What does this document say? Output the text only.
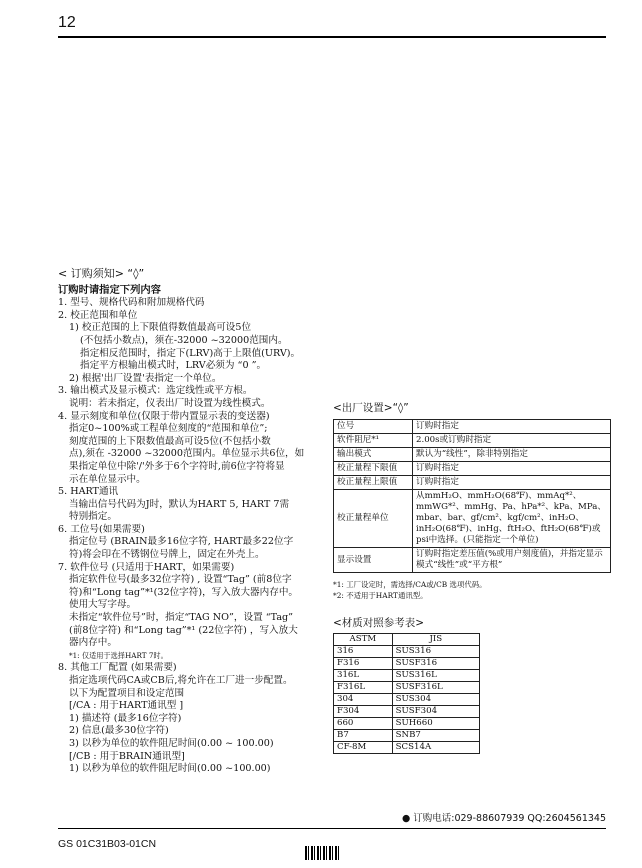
12
< 订购须知> “◊”
订购时请指定下列内容
1. 型号、规格代码和附加规格代码
2. 校正范围和单位
1) 校正范围的上下限值得数值最高可设5位
(不包括小数点)，须在-32000 ~32000范围内。
指定相反范围时，指定下(LRV)高于上限值(URV)。
指定平方根输出模式时，LRV必须为 “0 ”。
2) 根据'出厂设置'表指定一个单位。
3. 输出模式及显示模式：选定线性或平方根。
说明：若未指定，仪表出厂时设置为线性模式。
4. 显示刻度和单位(仅限于带内置显示表的变送器)
指定0~100%或工程单位刻度的“范围和单位”;
刻度范围的上下限数值最高可设5位(不包括小数
点),须在 -32000 ~32000范围内。单位显示共6位，如
果指定单位中除'/'外多于6个字符时,前6位字符将显
示在单位显示中。
5. HART通讯
当输出信号代码为J时，默认为HART 5, HART 7需
特别指定。
6. 工位号(如果需要)
指定位号 (BRAIN最多16位字符, HART最多22位字
符)将会印在不锈钢位号牌上，固定在外壳上。
7. 软件位号 (只适用于HART，如果需要)
指定软件位号(最多32位字符) , 设置“Tag” (前8位字
符)和“Long tag”*¹(32位字符)，写入放大器内存中。
使用大写字母。
未指定“软件位号”时，指定“TAG NO”，设置 “Tag”
(前8位字符) 和“Long tag”*¹ (22位字符) ，写入放大
器内存中。
*1: 仅适用于选择HART 7时。
8. 其他工厂配置 (如果需要)
指定选项代码CA或CB后,将允许在工厂进一步配置。
以下为配置项目和设定范围
[/CA : 用于HART通讯型 ]
1) 描述符 (最多16位字符)
2) 信息(最多30位字符)
3) 以秒为单位的软件阻尼时间(0.00 ~ 100.00)
[/CB : 用于BRAIN通讯型]
1) 以秒为单位的软件阻尼时间(0.00 ~100.00)
<出厂设置>“◊”
位号	订购时指定
软件阻尼*¹	2.00s或订购时指定
输出模式	默认为“线性”，除非特别指定
校正量程下限值	订购时指定
校正量程上限值	订购时指定
校正量程单位	从mmH₂O、mmH₂O(68℉)、mmAq*²、mmWG*²、mmHg、Pa、hPa*²、kPa、MPa、mbar、bar、gf/cm²、kgf/cm²、inH₂O、inH₂O(68℉)、inHg、ftH₂O、ftH₂O(68℉)或psi中选择。(只能指定一个单位)
显示设置	订购时指定差压值(%或用户刻度值)，并指定显示模式“线性”或“平方根”
*1: 工厂设定时，需选择/CA或/CB 选项代码。
*2: 不适用于HART通讯型。
<材质对照参考表>
ASTM	JIS
316	SUS316
F316	SUSF316
316L	SUS316L
F316L	SUSF316L
304	SUS304
F304	SUSF304
660	SUH660
B7	SNB7
CF-8M	SCS14A
● 订购电话:029-88607939 QQ:2604561345
GS 01C31B03-01CN
